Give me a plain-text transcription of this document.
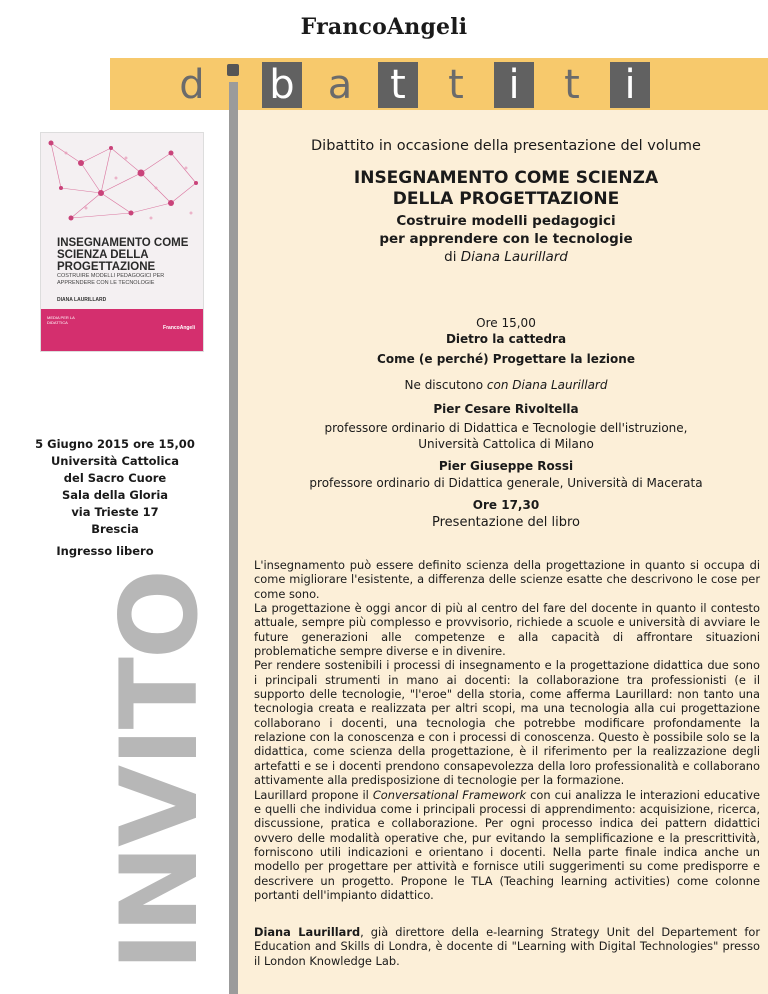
FrancoAngeli
d b a t	t	i	t	i
INSEGNAMENTO COME SCIENZA DELLA PROGETTAZIONE
COSTRUIRE MODELLI PEDAGOGICI PER APPRENDERE CON LE TECNOLOGIE
DIANA LAURILLARD
MEDIA PER LA DIDATTICA
FrancoAngeli
5 Giugno 2015 ore 15,00
Università Cattolica
del Sacro Cuore
Sala della Gloria
via Trieste 17
Brescia
Ingresso libero
INVITO
Dibattito in occasione della presentazione del volume
INSEGNAMENTO COME SCIENZA
DELLA PROGETTAZIONE
Costruire modelli pedagogici
per apprendere con le tecnologie
di Diana Laurillard
Ore 15,00
Dietro la cattedra
Come (e perché) Progettare la lezione
Ne discutono con Diana Laurillard
Pier Cesare Rivoltella
professore ordinario di Didattica e Tecnologie dell'istruzione,
Università Cattolica di Milano
Pier Giuseppe Rossi
professore ordinario di Didattica generale, Università di Macerata
Ore 17,30
Presentazione del libro

L'insegnamento può essere definito scienza della progettazione in quanto si occupa di come migliorare l'esistente, a differenza delle scienze esatte che descrivono le cose per come sono.

La progettazione è oggi ancor di più al centro del fare del docente in quanto il contesto attuale, sempre più complesso e provvisorio, richiede a scuole e università di avviare le future generazioni alle competenze e alla capacità di affrontare situazioni problematiche sempre diverse e in divenire.

Per rendere sostenibili i processi di insegnamento e la progettazione didattica due sono i principali strumenti in mano ai docenti: la collaborazione tra professionisti (e il supporto delle tecnologie, "l'eroe" della storia, come afferma Laurillard: non tanto una tecnologia creata e realizzata per altri scopi, ma una tecnologia alla cui progettazione collaborano i docenti, una tecnologia che potrebbe modificare profondamente la relazione con la conoscenza e con i processi di conoscenza. Questo è possibile solo se la didattica, come scienza della progettazione, è il riferimento per la realizzazione degli artefatti e se i docenti prendono consapevolezza della loro professionalità e collaborano attivamente alla predisposizione di tecnologie per la formazione.

Laurillard propone il Conversational Framework con cui analizza le interazioni educative e quelli che individua come i principali processi di apprendimento: acquisizione, ricerca, discussione, pratica e collaborazione. Per ogni processo indica dei pattern didattici ovvero delle modalità operative che, pur evitando la semplificazione e la prescrittività, forniscono utili indicazioni e orientano i docenti. Nella parte finale indica anche un modello per progettare per attività e fornisce utili suggerimenti su come predisporre e descrivere un progetto. Propone le TLA (Teaching learning activities) come colonne portanti dell'impianto didattico.

Diana Laurillard, già direttore della e-learning Strategy Unit del Departement for Education and Skills di Londra, è docente di "Learning with Digital Technologies" presso il London Knowledge Lab.
